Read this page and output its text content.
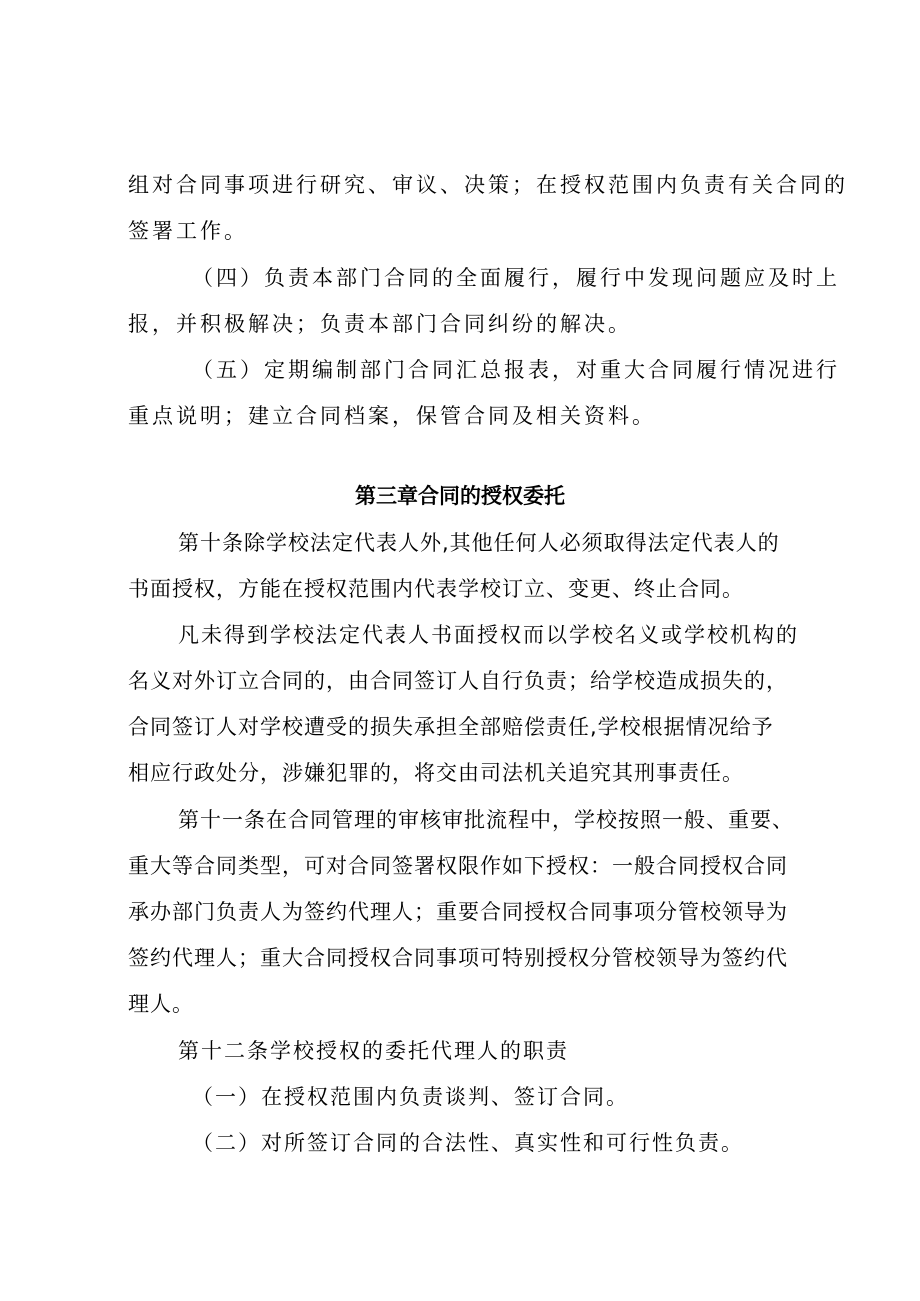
组对合同事项进行研究、审议、决策；在授权范围内负责有关合同的
签署工作。
（四）负责本部门合同的全面履行，履行中发现问题应及时上
报，并积极解决；负责本部门合同纠纷的解决。
（五）定期编制部门合同汇总报表，对重大合同履行情况进行
重点说明；建立合同档案，保管合同及相关资料。
第三章合同的授权委托
第十条除学校法定代表人外,其他任何人必须取得法定代表人的
书面授权，方能在授权范围内代表学校订立、变更、终止合同。
凡未得到学校法定代表人书面授权而以学校名义或学校机构的
名义对外订立合同的，由合同签订人自行负责；给学校造成损失的，
合同签订人对学校遭受的损失承担全部赔偿责任,学校根据情况给予
相应行政处分，涉嫌犯罪的，将交由司法机关追究其刑事责任。
第十一条在合同管理的审核审批流程中，学校按照一般、重要、
重大等合同类型，可对合同签署权限作如下授权：一般合同授权合同
承办部门负责人为签约代理人；重要合同授权合同事项分管校领导为
签约代理人；重大合同授权合同事项可特别授权分管校领导为签约代
理人。
第十二条学校授权的委托代理人的职责
（一）在授权范围内负责谈判、签订合同。
（二）对所签订合同的合法性、真实性和可行性负责。
